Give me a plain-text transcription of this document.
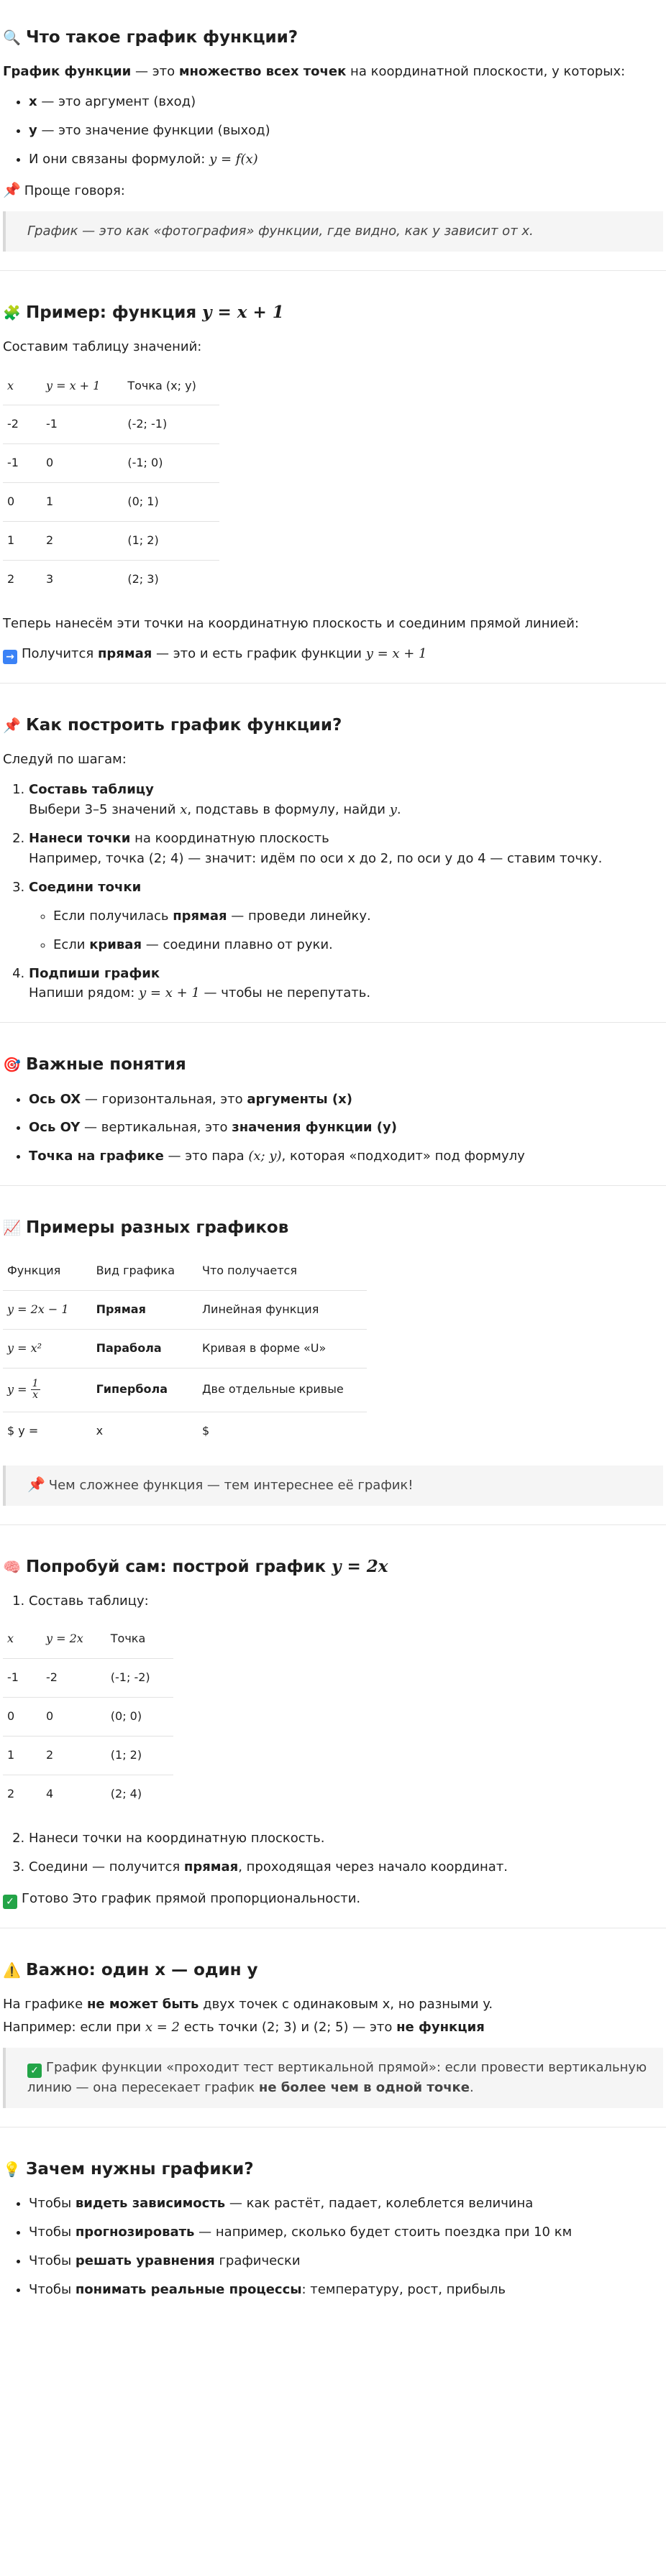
🔍 Что такое график функции?

График функции — это множество всех точек на координатной плоскости, у которых:

• x — это аргумент (вход)
• y — это значение функции (выход)
• И они связаны формулой: y = f(x)

📌 Проще говоря:

График — это как «фотография» функции, где видно, как y зависит от x.
🧩 Пример: функция y = x + 1

Составим таблицу значений:

x	y = x + 1	Точка (x; y)
-2	-1	(-2; -1)
-1	0	(-1; 0)
0	1	(0; 1)
1	2	(1; 2)
2	3	(2; 3)

Теперь нанесём эти точки на координатную плоскость и соединим прямой линией:

→ Получится прямая — это и есть график функции y = x + 1

📌 Как построить график функции?

Следуй по шагам:

1. Составь таблицу
Выбери 3–5 значений x, подставь в формулу, найди y.
2. Нанеси точки на координатную плоскость
Например, точка (2; 4) — значит: идём по оси x до 2, по оси y до 4 — ставим точку.
3. Соедини точки
◦ Если получилась прямая — проведи линейку.
◦ Если кривая — соедини плавно от руки.
4. Подпиши график
Напиши рядом: y = x + 1 — чтобы не перепутать.
🎯 Важные понятия
• Ось OX — горизонтальная, это аргументы (x)
• Ось OY — вертикальная, это значения функции (y)
• Точка на графике — это пара (x; y), которая «подходит» под формулу
📈 Примеры разных графиков
Функция	Вид графика	Что получается
y = 2x − 1	Прямая	Линейная функция
y = x²	Парабола	Кривая в форме «U»
$y = \frac{1}{x}$	Гипербола	Две отдельные кривые
$ y =	x	$
📌 Чем сложнее функция — тем интереснее её график!
🧠 Попробуй сам: построй график y = 2x
1. Составь таблицу:
x	y = 2x	Точка
-1	-2	(-1; -2)
0	0	(0; 0)
1	2	(1; 2)
2	4	(2; 4)
2. Нанеси точки на координатную плоскость.
3. Соедини — получится прямая, проходящая через начало координат.

✓ Готово Это график прямой пропорциональности.

⚠️ Важно: один x — один y

На графике не может быть двух точек с одинаковым x, но разными y.

Например: если при x = 2 есть точки (2; 3) и (2; 5) — это не функция

✓ График функции «проходит тест вертикальной прямой»: если провести вертикальную линию — она пересекает график не более чем в одной точке.
💡 Зачем нужны графики?
• Чтобы видеть зависимость — как растёт, падает, колеблется величина
• Чтобы прогнозировать — например, сколько будет стоить поездка при 10 км
• Чтобы решать уравнения графически
• Чтобы понимать реальные процессы: температуру, рост, прибыль
